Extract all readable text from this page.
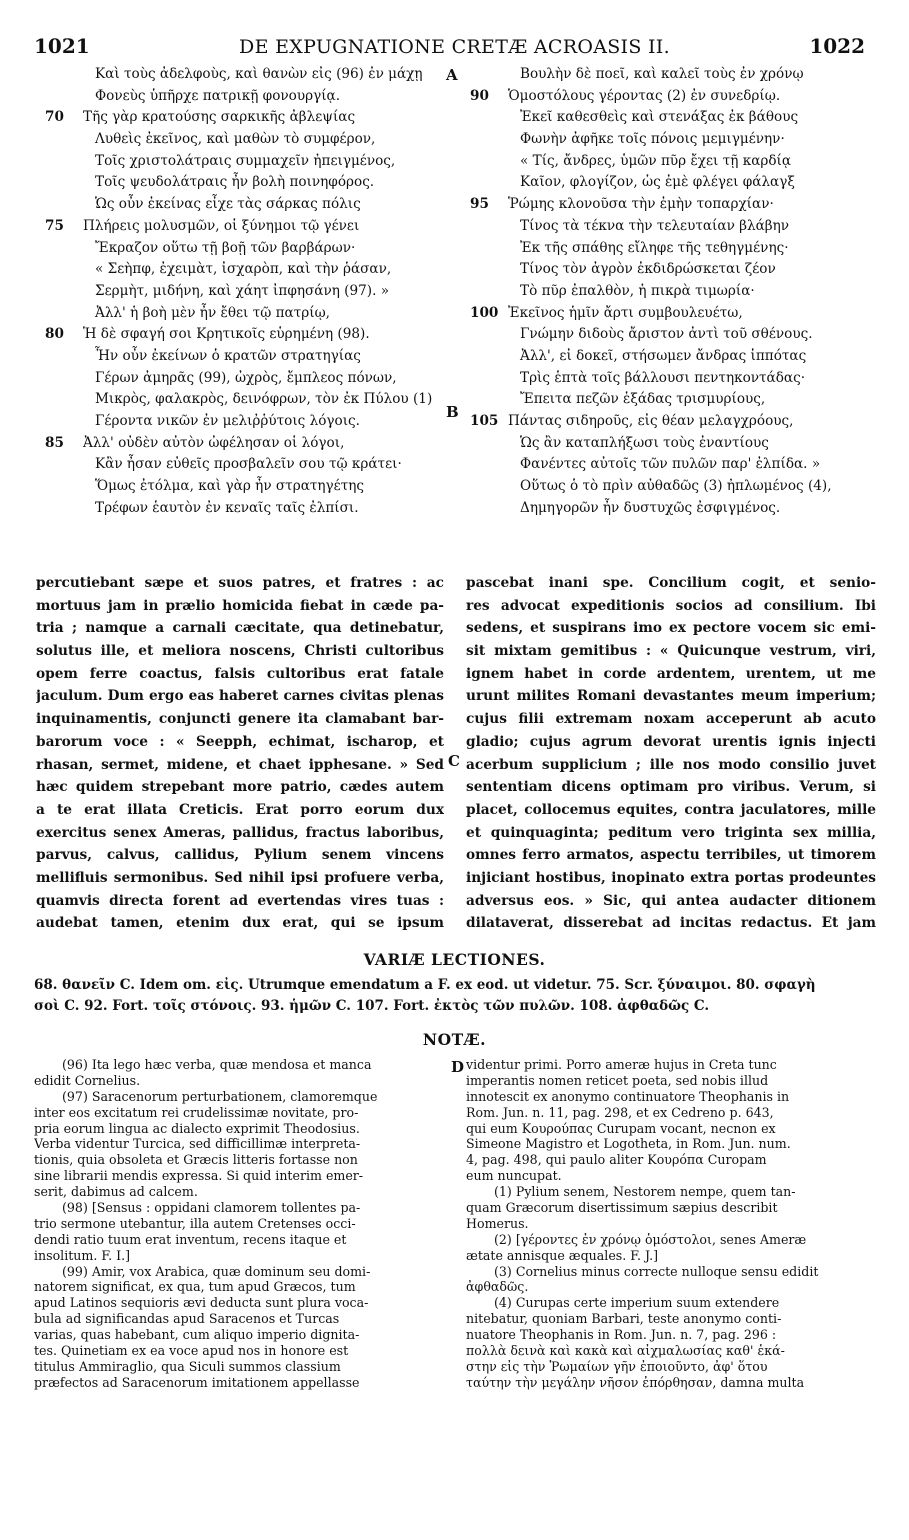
1021	DE EXPUGNATIONE CRETÆ ACROASIS II.	1022
Καὶ τοὺς ἀδελφοὺς, καὶ θανὼν εἰς (96) ἐν μάχῃ
Φονεὺς ὑπῆρχε πατρικῇ φονουργίᾳ.
70	Τῆς γὰρ κρατούσης σαρκικῆς ἀβλεψίας
Λυθεὶς ἐκεῖνος, καὶ μαθὼν τὸ συμφέρον,
Τοῖς χριστολάτραις συμμαχεῖν ἠπειγμένος,
Τοῖς ψευδολάτραις ἦν βολὴ ποινηφόρος.
Ὡς οὖν ἐκείνας εἶχε τὰς σάρκας πόλις
75	Πλήρεις μολυσμῶν, οἱ ξύνημοι τῷ γένει
Ἔκραζον οὕτω τῇ βοῇ τῶν βαρβάρων·
« Σεὴπφ, ἐχειμὰτ, ἰσχαρὸπ, καὶ τὴν ῥάσαν,
Σερμὴτ, μιδήνη, καὶ χάητ ἰπφησάνη (97). »
Ἀλλ' ἡ βοὴ μὲν ἦν ἔθει τῷ πατρίῳ,
80	Ἡ δὲ σφαγή σοι Κρητικοῖς εὑρημένη (98).
Ἦν οὖν ἐκείνων ὁ κρατῶν στρατηγίας
Γέρων ἀμηρᾶς (99), ὠχρὸς, ἔμπλεος πόνων,
Μικρὸς, φαλακρὸς, δεινόφρων, τὸν ἐκ Πύλου (1)
Γέροντα νικῶν ἐν μελιῤῥύτοις λόγοις.
85	Ἀλλ' οὐδὲν αὐτὸν ὠφέλησαν οἱ λόγοι,
Κἂν ἦσαν εὐθεῖς προσβαλεῖν σου τῷ κράτει·
Ὅμως ἐτόλμα, καὶ γὰρ ἦν στρατηγέτης
Τρέφων ἑαυτὸν ἐν κεναῖς ταῖς ἐλπίσι.
Βουλὴν δὲ ποεῖ, καὶ καλεῖ τοὺς ἐν χρόνῳ
90	Ὁμοστόλους γέροντας (2) ἐν συνεδρίῳ.
Ἐκεῖ καθεσθεὶς καὶ στενάξας ἐκ βάθους
Φωνὴν ἀφῆκε τοῖς πόνοις μεμιγμένην·
« Τίς, ἄνδρες, ὑμῶν πῦρ ἔχει τῇ καρδίᾳ
Καῖον, φλογίζον, ὡς ἐμὲ φλέγει φάλαγξ
95	Ῥώμης κλονοῦσα τὴν ἐμὴν τοπαρχίαν·
Τίνος τὰ τέκνα τὴν τελευταίαν βλάβην
Ἐκ τῆς σπάθης εἴληφε τῆς τεθηγμένης·
Τίνος τὸν ἀγρὸν ἐκδιδρώσκεται ζέον
Τὸ πῦρ ἐπαλθὸν, ἡ πικρὰ τιμωρία·
100 Ἐκεῖνος ἡμῖν ἄρτι συμβουλευέτω,
Γνώμην διδοὺς ἄριστον ἀντὶ τοῦ σθένους.
Ἀλλ', εἰ δοκεῖ, στήσωμεν ἄνδρας ἱππότας
Τρὶς ἑπτὰ τοῖς βάλλουσι πεντηκοντάδας·
Ἔπειτα πεζῶν ἑξάδας τρισμυρίους,
105 Πάντας σιδηροῦς, εἰς θέαν μελαγχρόους,
Ὡς ἂν καταπλήξωσι τοὺς ἐναντίους
Φανέντες αὐτοῖς τῶν πυλῶν παρ' ἐλπίδα. »
Οὕτως ὁ τὸ πρὶν αὐθαδῶς (3) ἠπλωμένος (4),
Δημηγορῶν ἦν δυστυχῶς ἐσφιγμένος.
A
B
C
D
percutiebant sæpe et suos patres, et fratres : ac
mortuus jam in prælio homicida fiebat in cæde pa-
tria ; namque a carnali cæcitate, qua detinebatur,
solutus ille, et meliora noscens, Christi cultoribus
opem ferre coactus, falsis cultoribus erat fatale
jaculum. Dum ergo eas haberet carnes civitas plenas
inquinamentis, conjuncti genere ita clamabant bar-
barorum voce : « Seepph, echimat, ischarop, et
rhasan, sermet, midene, et chaet ipphesane. » Sed
hæc quidem strepebant more patrio, cædes autem
a te erat illata Creticis. Erat porro eorum dux
exercitus senex Ameras, pallidus, fractus laboribus,
parvus, calvus, callidus, Pylium senem vincens
mellifluis sermonibus. Sed nihil ipsi profuere verba,
quamvis directa forent ad evertendas vires tuas :
audebat tamen, etenim dux erat, qui se ipsum
pascebat inani spe. Concilium cogit, et senio-
res advocat expeditionis socios ad consilium. Ibi
sedens, et suspirans imo ex pectore vocem sic emi-
sit mixtam gemitibus : « Quicunque vestrum, viri,
ignem habet in corde ardentem, urentem, ut me
urunt milites Romani devastantes meum imperium;
cujus filii extremam noxam acceperunt ab acuto
gladio; cujus agrum devorat urentis ignis injecti
acerbum supplicium ; ille nos modo consilio juvet
sententiam dicens optimam pro viribus. Verum, si
placet, collocemus equites, contra jaculatores, mille
et quinquaginta; peditum vero triginta sex millia,
omnes ferro armatos, aspectu terribiles, ut timorem
injiciant hostibus, inopinato extra portas prodeuntes
adversus eos. » Sic, qui antea audacter ditionem
dilataverat, disserebat ad incitas redactus. Et jam
VARIÆ LECTIONES.
68. θανεῖν C. Idem om. εἰς. Utrumque emendatum a F. ex eod. ut videtur. 75. Scr. ξύναιμοι. 80. σφαγὴ
σοὶ C. 92. Fort. τοῖς στόνοις. 93. ἡμῶν C. 107. Fort. ἐκτὸς τῶν πυλῶν. 108. ἀφθαδῶς C.
NOTÆ.
(96) Ita lego hæc verba, quæ mendosa et manca
edidit Cornelius.
(97) Saracenorum perturbationem, clamoremque
inter eos excitatum rei crudelissimæ novitate, pro-
pria eorum lingua ac dialecto exprimit Theodosius.
Verba videntur Turcica, sed difficillimæ interpreta-
tionis, quia obsoleta et Græcis litteris fortasse non
sine librarii mendis expressa. Si quid interim emer-
serit, dabimus ad calcem.
(98) [Sensus : oppidani clamorem tollentes pa-
trio sermone utebantur, illa autem Cretenses occi-
dendi ratio tuum erat inventum, recens itaque et
insolitum. F. I.]
(99) Amir, vox Arabica, quæ dominum seu domi-
natorem significat, ex qua, tum apud Græcos, tum
apud Latinos sequioris ævi deducta sunt plura voca-
bula ad significandas apud Saracenos et Turcas
varias, quas habebant, cum aliquo imperio dignita-
tes. Quinetiam ex ea voce apud nos in honore est
titulus Ammiraglio, qua Siculi summos classium
præfectos ad Saracenorum imitationem appellasse
videntur primi. Porro ameræ hujus in Creta tunc
imperantis nomen reticet poeta, sed nobis illud
innotescit ex anonymo continuatore Theophanis in
Rom. Jun. n. 11, pag. 298, et ex Cedreno p. 643,
qui eum Κουρούπας Curupam vocant, necnon ex
Simeone Magistro et Logotheta, in Rom. Jun. num.
4, pag. 498, qui paulo aliter Κουρόπα Curopam
eum nuncupat.
(1) Pylium senem, Nestorem nempe, quem tan-
quam Græcorum disertissimum sæpius describit
Homerus.
(2) [γέροντες ἐν χρόνῳ ὁμόστολοι, senes Ameræ
ætate annisque æquales. F. J.]
(3) Cornelius minus correcte nulloque sensu edidit
ἀφθαδῶς.
(4) Curupas certe imperium suum extendere
nitebatur, quoniam Barbari, teste anonymo conti-
nuatore Theophanis in Rom. Jun. n. 7, pag. 296 :
πολλὰ δεινὰ καὶ κακὰ καὶ αἰχμαλωσίας καθ' ἑκά-
στην εἰς τὴν Ῥωμαίων γῆν ἐποιοῦντο, ἀφ' ὅτου
ταύτην τὴν μεγάλην νῆσον ἐπόρθησαν, damna multa
